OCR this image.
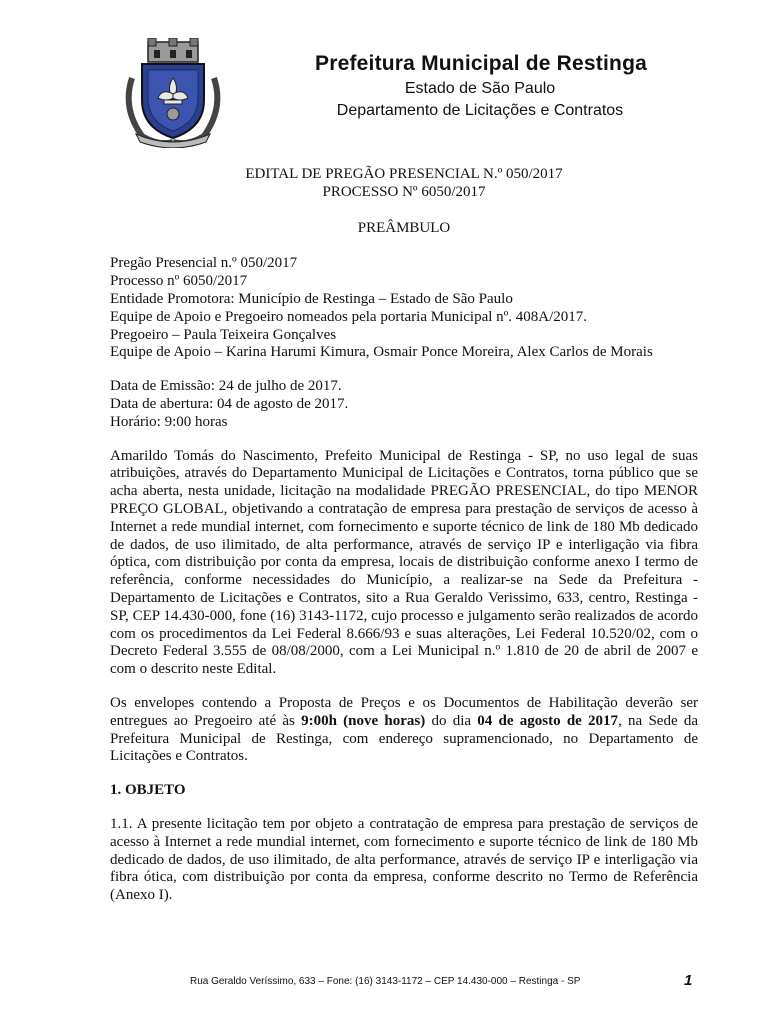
Prefeitura Municipal de Restinga
Estado de São Paulo
Departamento de Licitações e Contratos

EDITAL DE PREGÃO PRESENCIAL N.º 050/2017

PROCESSO Nº 6050/2017

PREÂMBULO

Pregão Presencial n.º 050/2017

Processo nº 6050/2017

Entidade Promotora: Município de Restinga – Estado de São Paulo

Equipe de Apoio e Pregoeiro nomeados pela portaria Municipal nº. 408A/2017.

Pregoeiro – Paula Teixeira Gonçalves

Equipe de Apoio – Karina Harumi Kimura, Osmair Ponce Moreira, Alex Carlos de Morais

Data de Emissão: 24 de julho de 2017.

Data de abertura: 04 de agosto de 2017.

Horário: 9:00 horas

Amarildo Tomás do Nascimento, Prefeito Municipal de Restinga - SP, no uso legal de suas atribuições, através do Departamento Municipal de Licitações e Contratos, torna público que se acha aberta, nesta unidade, licitação na modalidade PREGÃO PRESENCIAL, do tipo MENOR PREÇO GLOBAL, objetivando a contratação de empresa para prestação de serviços de acesso à Internet a rede mundial internet, com fornecimento e suporte técnico de link de 180 Mb dedicado de dados, de uso ilimitado, de alta performance, através de serviço IP e interligação via fibra óptica, com distribuição por conta da empresa, locais de distribuição conforme anexo I termo de referência, conforme necessidades do Município, a realizar-se na Sede da Prefeitura - Departamento de Licitações e Contratos, sito a Rua Geraldo Verissimo, 633, centro, Restinga - SP, CEP 14.430-000, fone (16) 3143-1172, cujo processo e julgamento serão realizados de acordo com os procedimentos da Lei Federal 8.666/93 e suas alterações, Lei Federal 10.520/02, com o Decreto Federal 3.555 de 08/08/2000, com a Lei Municipal n.º 1.810 de 20 de abril de 2007 e com o descrito neste Edital.

Os envelopes contendo a Proposta de Preços e os Documentos de Habilitação deverão ser entregues ao Pregoeiro até às 9:00h (nove horas) do dia 04 de agosto de 2017, na Sede da Prefeitura Municipal de Restinga, com endereço supramencionado, no Departamento de Licitações e Contratos.

1. OBJETO

1.1. A presente licitação tem por objeto a contratação de empresa para prestação de serviços de acesso à Internet a rede mundial internet, com fornecimento e suporte técnico de link de 180 Mb dedicado de dados, de uso ilimitado, de alta performance, através de serviço IP e interligação via fibra ótica, com distribuição por conta da empresa, conforme descrito no Termo de Referência (Anexo I).

Rua Geraldo Veríssimo, 633 – Fone: (16) 3143-1172 – CEP 14.430-000 – Restinga - SP	1
